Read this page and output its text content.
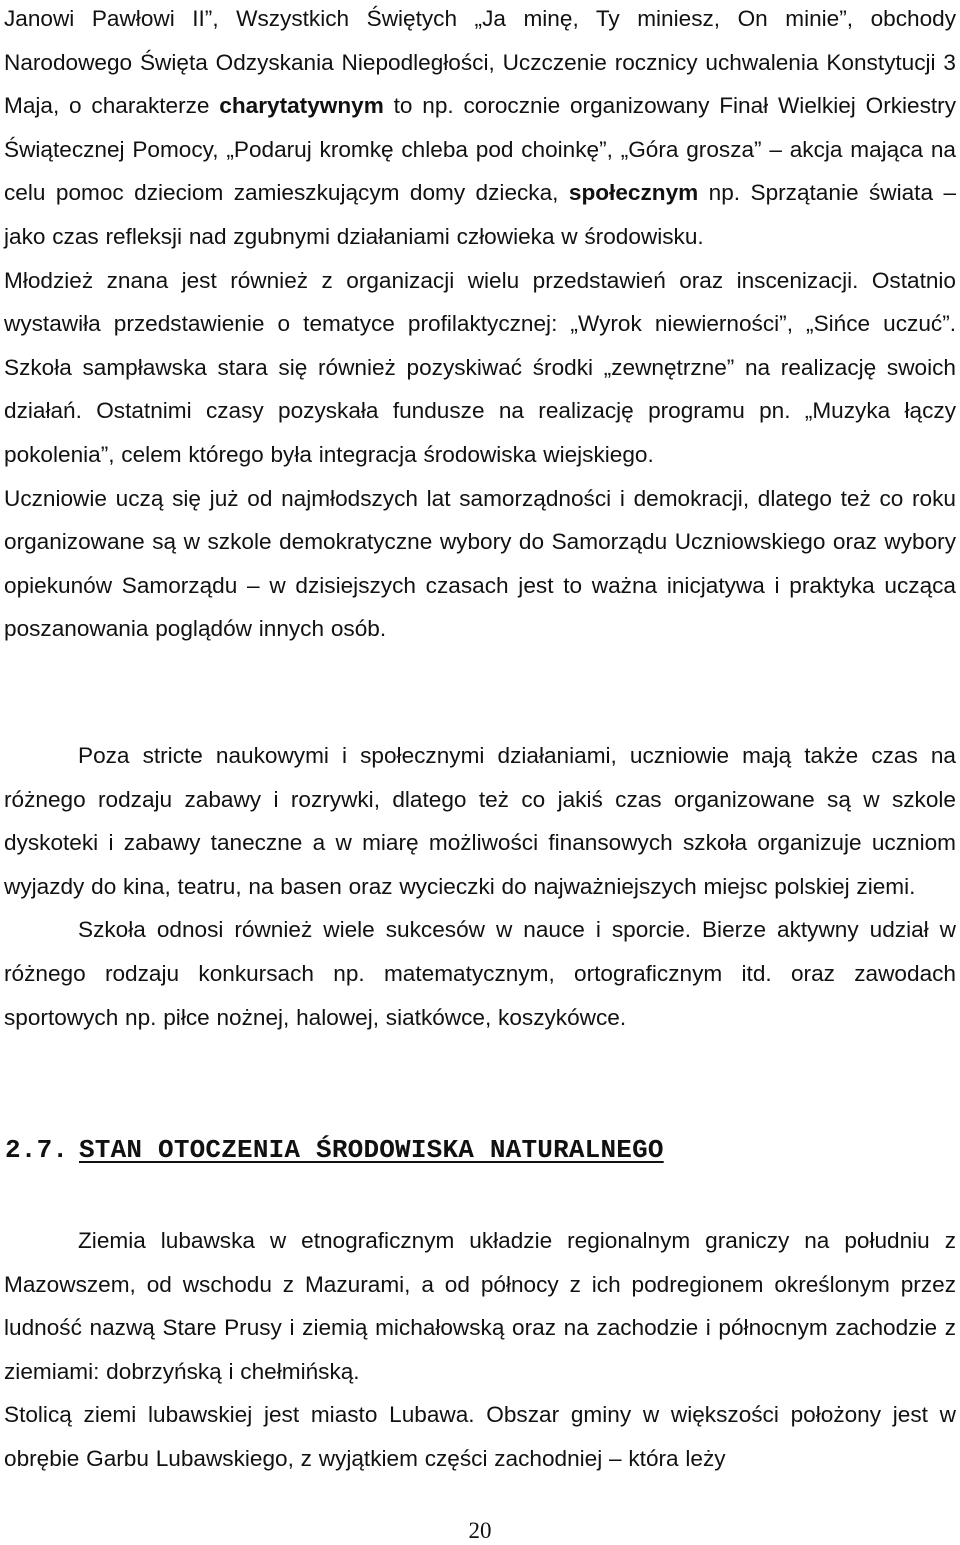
Janowi Pawłowi II”, Wszystkich Świętych „Ja minę, Ty miniesz, On minie”, obchody Narodowego Święta Odzyskania Niepodległości, Uczczenie rocznicy uchwalenia Konstytucji 3 Maja, o charakterze charytatywnym to np. corocznie organizowany Finał Wielkiej Orkiestry Świątecznej Pomocy, „Podaruj kromkę chleba pod choinkę”, „Góra grosza” – akcja mająca na celu pomoc dzieciom zamieszkującym domy dziecka, społecznym np. Sprzątanie świata – jako czas refleksji nad zgubnymi działaniami człowieka w środowisku.

Młodzież znana jest również z organizacji wielu przedstawień oraz inscenizacji. Ostatnio wystawiła przedstawienie o tematyce profilaktycznej: „Wyrok niewierności”, „Sińce uczuć”. Szkoła sampławska stara się również pozyskiwać środki „zewnętrzne” na realizację swoich działań. Ostatnimi czasy pozyskała fundusze na realizację programu pn. „Muzyka łączy pokolenia”, celem którego była integracja środowiska wiejskiego.

Uczniowie uczą się już od najmłodszych lat samorządności i demokracji, dlatego też co roku organizowane są w szkole demokratyczne wybory do Samorządu Uczniowskiego oraz wybory opiekunów Samorządu – w dzisiejszych czasach jest to ważna inicjatywa i praktyka ucząca poszanowania poglądów innych osób.

Poza stricte naukowymi i społecznymi działaniami, uczniowie mają także czas na różnego rodzaju zabawy i rozrywki, dlatego też co jakiś czas organizowane są w szkole dyskoteki i zabawy taneczne a w miarę możliwości finansowych szkoła organizuje uczniom wyjazdy do kina, teatru, na basen oraz wycieczki do najważniejszych miejsc polskiej ziemi.

Szkoła odnosi również wiele sukcesów w nauce i sporcie. Bierze aktywny udział w różnego rodzaju konkursach np. matematycznym, ortograficznym itd. oraz zawodach sportowych np. piłce nożnej, halowej, siatkówce, koszykówce.

2.7. STAN OTOCZENIA ŚRODOWISKA NATURALNEGO

Ziemia lubawska w etnograficznym układzie regionalnym graniczy na południu z Mazowszem, od wschodu z Mazurami, a od północy z ich podregionem określonym przez ludność nazwą Stare Prusy i ziemią michałowską oraz na zachodzie i północnym zachodzie z ziemiami: dobrzyńską i chełmińską.

Stolicą ziemi lubawskiej jest miasto Lubawa. Obszar gminy w większości położony jest w obrębie Garbu Lubawskiego, z wyjątkiem części zachodniej – która leży

20
